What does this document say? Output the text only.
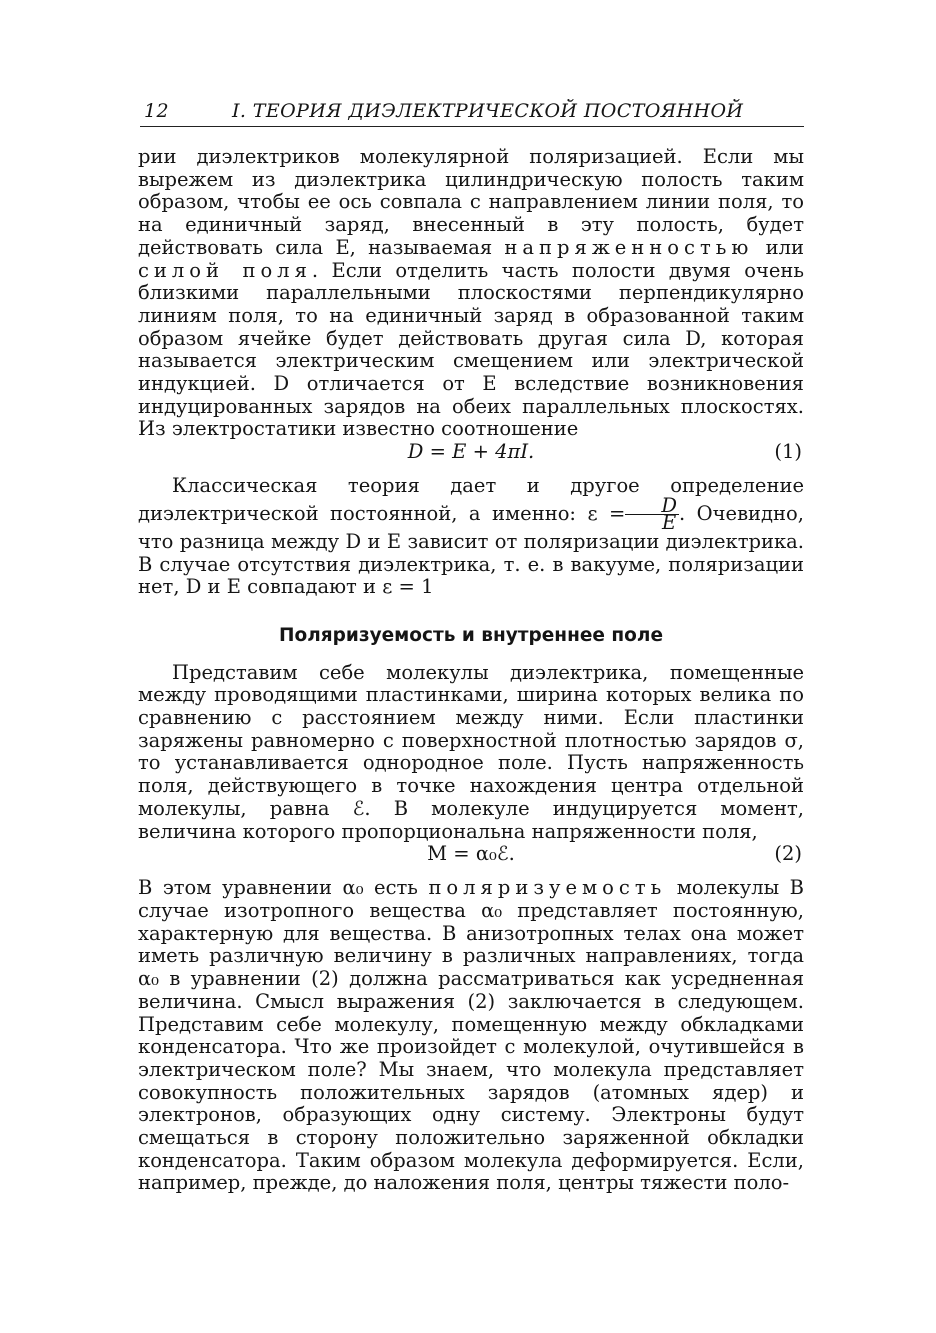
12	I. ТЕОРИЯ ДИЭЛЕКТРИЧЕСКОЙ ПОСТОЯННОЙ

рии диэлектриков молекулярной поляризацией. Если мы вырежем из диэлектрика цилиндрическую полость таким образом, чтобы ее ось совпала с направлением линии поля, то на единичный заряд, внесенный в эту полость, будет действовать сила E, называемая напряженностью или силой поля. Если отделить часть полости двумя очень близкими параллельными плоскостями перпендикулярно линиям поля, то на единичный заряд в образованной таким образом ячейке будет действовать другая сила D, которая называется электрическим смещением или электрической индукцией. D отличается от E вследствие возникновения индуцированных зарядов на обеих параллельных плоскостях. Из электростатики известно соотношение

D = E + 4πI.	(1)

Классическая теория дает и другое определение диэлектрической постоянной, а именно: $\varepsilon = \frac{D}{E}$ . Очевидно, что разница между D и E зависит от поляризации диэлектрика. В случае отсутствия диэлектрика, т. е. в вакууме, поляризации нет, D и E совпадают и ε = 1

Поляризуемость и внутреннее поле

Представим себе молекулы диэлектрика, помещенные между проводящими пластинками, ширина которых велика по сравнению с расстоянием между ними. Если пластинки заряжены равномерно с поверхностной плотностью зарядов σ, то устанавливается однородное поле. Пусть напряженность поля, действующего в точке нахождения центра отдельной молекулы, равна ℰ. В молекуле индуцируется момент, величина которого пропорциональна напряженности поля,

M = α₀ℰ.	(2)

В этом уравнении α₀ есть поляризуемость молекулы В случае изотропного вещества α₀ представляет постоянную, характерную для вещества. В анизотропных телах она может иметь различную величину в различных направлениях, тогда α₀ в уравнении (2) должна рассматриваться как усредненная величина. Смысл выражения (2) заключается в следующем. Представим себе молекулу, помещенную между обкладками конденсатора. Что же произойдет с молекулой, очутившейся в электрическом поле? Мы знаем, что молекула представляет совокупность положительных зарядов (атомных ядер) и электронов, образующих одну систему. Электроны будут смещаться в сторону положительно заряженной обкладки конденсатора. Таким образом молекула деформируется. Если, например, прежде, до наложения поля, центры тяжести поло-
